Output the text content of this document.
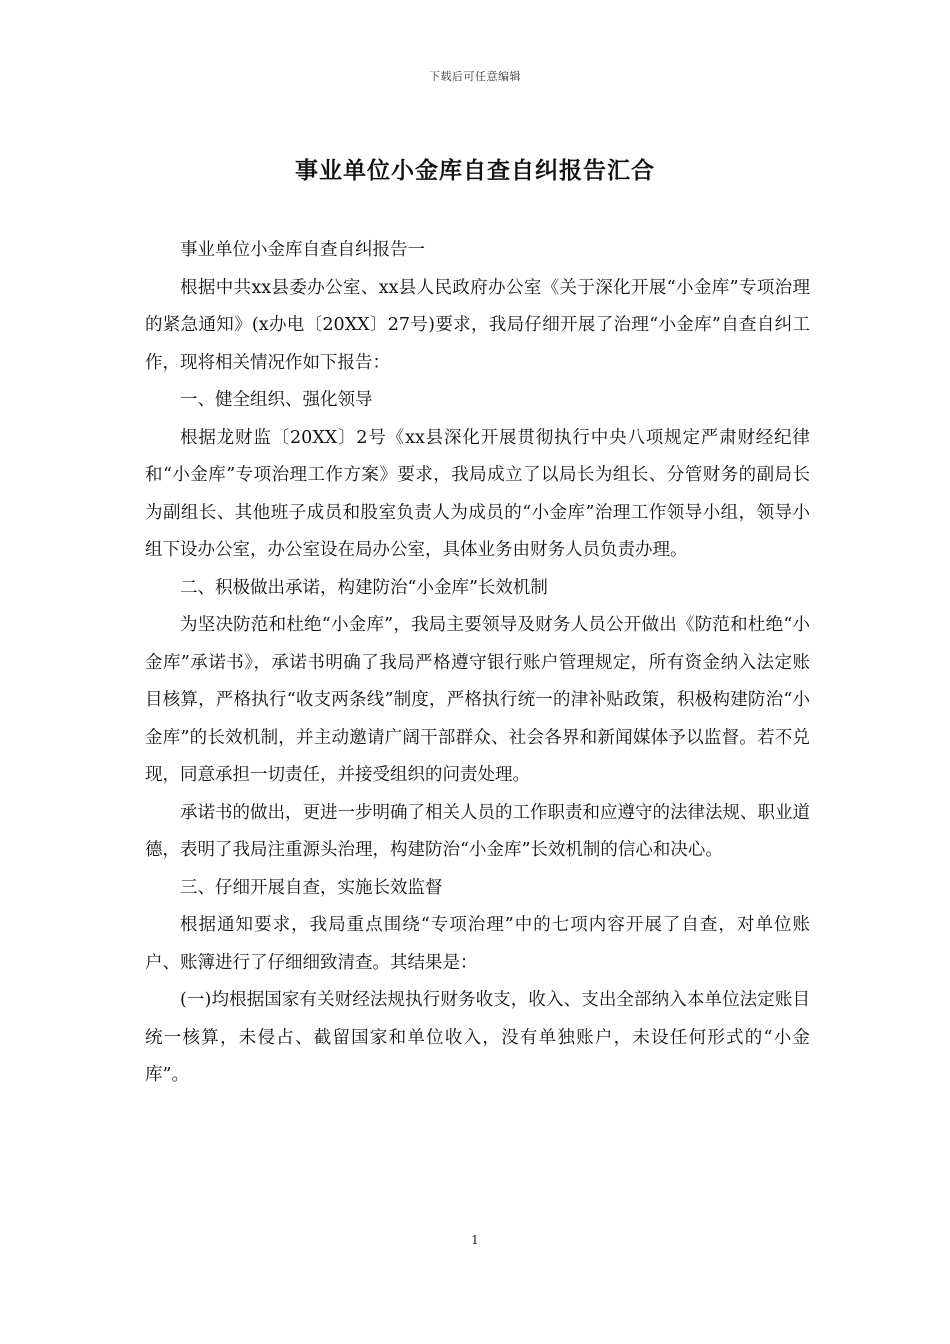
下载后可任意编辑
事业单位小金库自查自纠报告汇合

事业单位小金库自查自纠报告一

根据中共xx县委办公室、xx县人民政府办公室《关于深化开展“小金库”专项治理的紧急通知》(x办电〔20XX〕27号)要求，我局仔细开展了治理“小金库”自查自纠工作，现将相关情况作如下报告：

一、健全组织、强化领导

根据龙财监〔20XX〕2号《xx县深化开展贯彻执行中央八项规定严肃财经纪律和“小金库”专项治理工作方案》要求，我局成立了以局长为组长、分管财务的副局长为副组长、其他班子成员和股室负责人为成员的“小金库”治理工作领导小组，领导小组下设办公室，办公室设在局办公室，具体业务由财务人员负责办理。

二、积极做出承诺，构建防治“小金库”长效机制

为坚决防范和杜绝“小金库”，我局主要领导及财务人员公开做出《防范和杜绝“小金库”承诺书》，承诺书明确了我局严格遵守银行账户管理规定，所有资金纳入法定账目核算，严格执行“收支两条线”制度，严格执行统一的津补贴政策，积极构建防治“小金库”的长效机制，并主动邀请广阔干部群众、社会各界和新闻媒体予以监督。若不兑现，同意承担一切责任，并接受组织的问责处理。

承诺书的做出，更进一步明确了相关人员的工作职责和应遵守的法律法规、职业道德，表明了我局注重源头治理，构建防治“小金库”长效机制的信心和决心。

三、仔细开展自查，实施长效监督

根据通知要求，我局重点围绕“专项治理”中的七项内容开展了自查，对单位账户、账簿进行了仔细细致清查。其结果是：

(一)均根据国家有关财经法规执行财务收支，收入、支出全部纳入本单位法定账目统一核算，未侵占、截留国家和单位收入，没有单独账户，未设任何形式的“小金库”。

1
